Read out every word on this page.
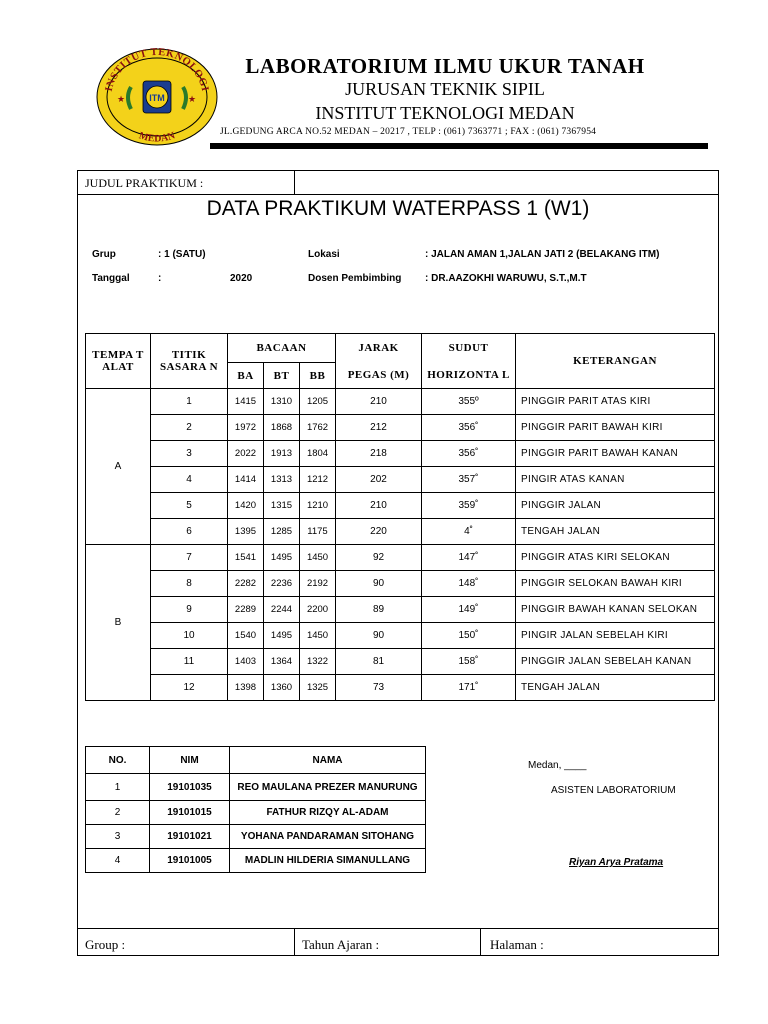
INSTITUT TEKNOLOGI
MEDAN
ITM
★	★
LABORATORIUM ILMU UKUR TANAH
JURUSAN TEKNIK SIPIL
INSTITUT TEKNOLOGI MEDAN
JL.GEDUNG ARCA NO.52 MEDAN – 20217 , TELP : (061) 7363771 ; FAX : (061) 7367954
JUDUL PRAKTIKUM :
DATA PRAKTIKUM WATERPASS 1 (W1)
Grup	: 1 (SATU)
Tanggal	:	2020
Lokasi	: JALAN AMAN 1,JALAN JATI 2 (BELAKANG ITM)
Dosen Pembimbing : DR.AAZOKHI WARUWU, S.T.,M.T
TEMPA T ALAT	TITIK SASARA N	BACAAN			JARAK	SUDUT	KETERANGAN
		BA	BT	BB	PEGAS (M)	HORIZONTA L	
A	1	1415	1310	1205	210	355º	PINGGIR PARIT ATAS KIRI
	2	1972	1868	1762	212	356˚	PINGGIR PARIT BAWAH KIRI
	3	2022	1913	1804	218	356˚	PINGGIR PARIT BAWAH KANAN
	4	1414	1313	1212	202	357˚	PINGIR ATAS KANAN
	5	1420	1315	1210	210	359˚	PINGGIR JALAN
	6	1395	1285	1175	220	4˚	TENGAH JALAN
B	7	1541	1495	1450	92	147˚	PINGGIR ATAS KIRI SELOKAN
	8	2282	2236	2192	90	148˚	PINGGIR SELOKAN BAWAH KIRI
	9	2289	2244	2200	89	149˚	PINGGIR BAWAH KANAN SELOKAN
	10	1540	1495	1450	90	150˚	PINGIR JALAN SEBELAH KIRI
	11	1403	1364	1322	81	158˚	PINGGIR JALAN SEBELAH KANAN
	12	1398	1360	1325	73	171˚	TENGAH JALAN
NO.	NIM	NAMA
1	19101035	REO MAULANA PREZER MANURUNG
2	19101015	FATHUR RIZQY AL-ADAM
3	19101021	YOHANA PANDARAMAN SITOHANG
4	19101005	MADLIN HILDERIA SIMANULLANG
Medan, ____
ASISTEN LABORATORIUM
Riyan Arya Pratama
Group :	Tahun Ajaran :	Halaman :
